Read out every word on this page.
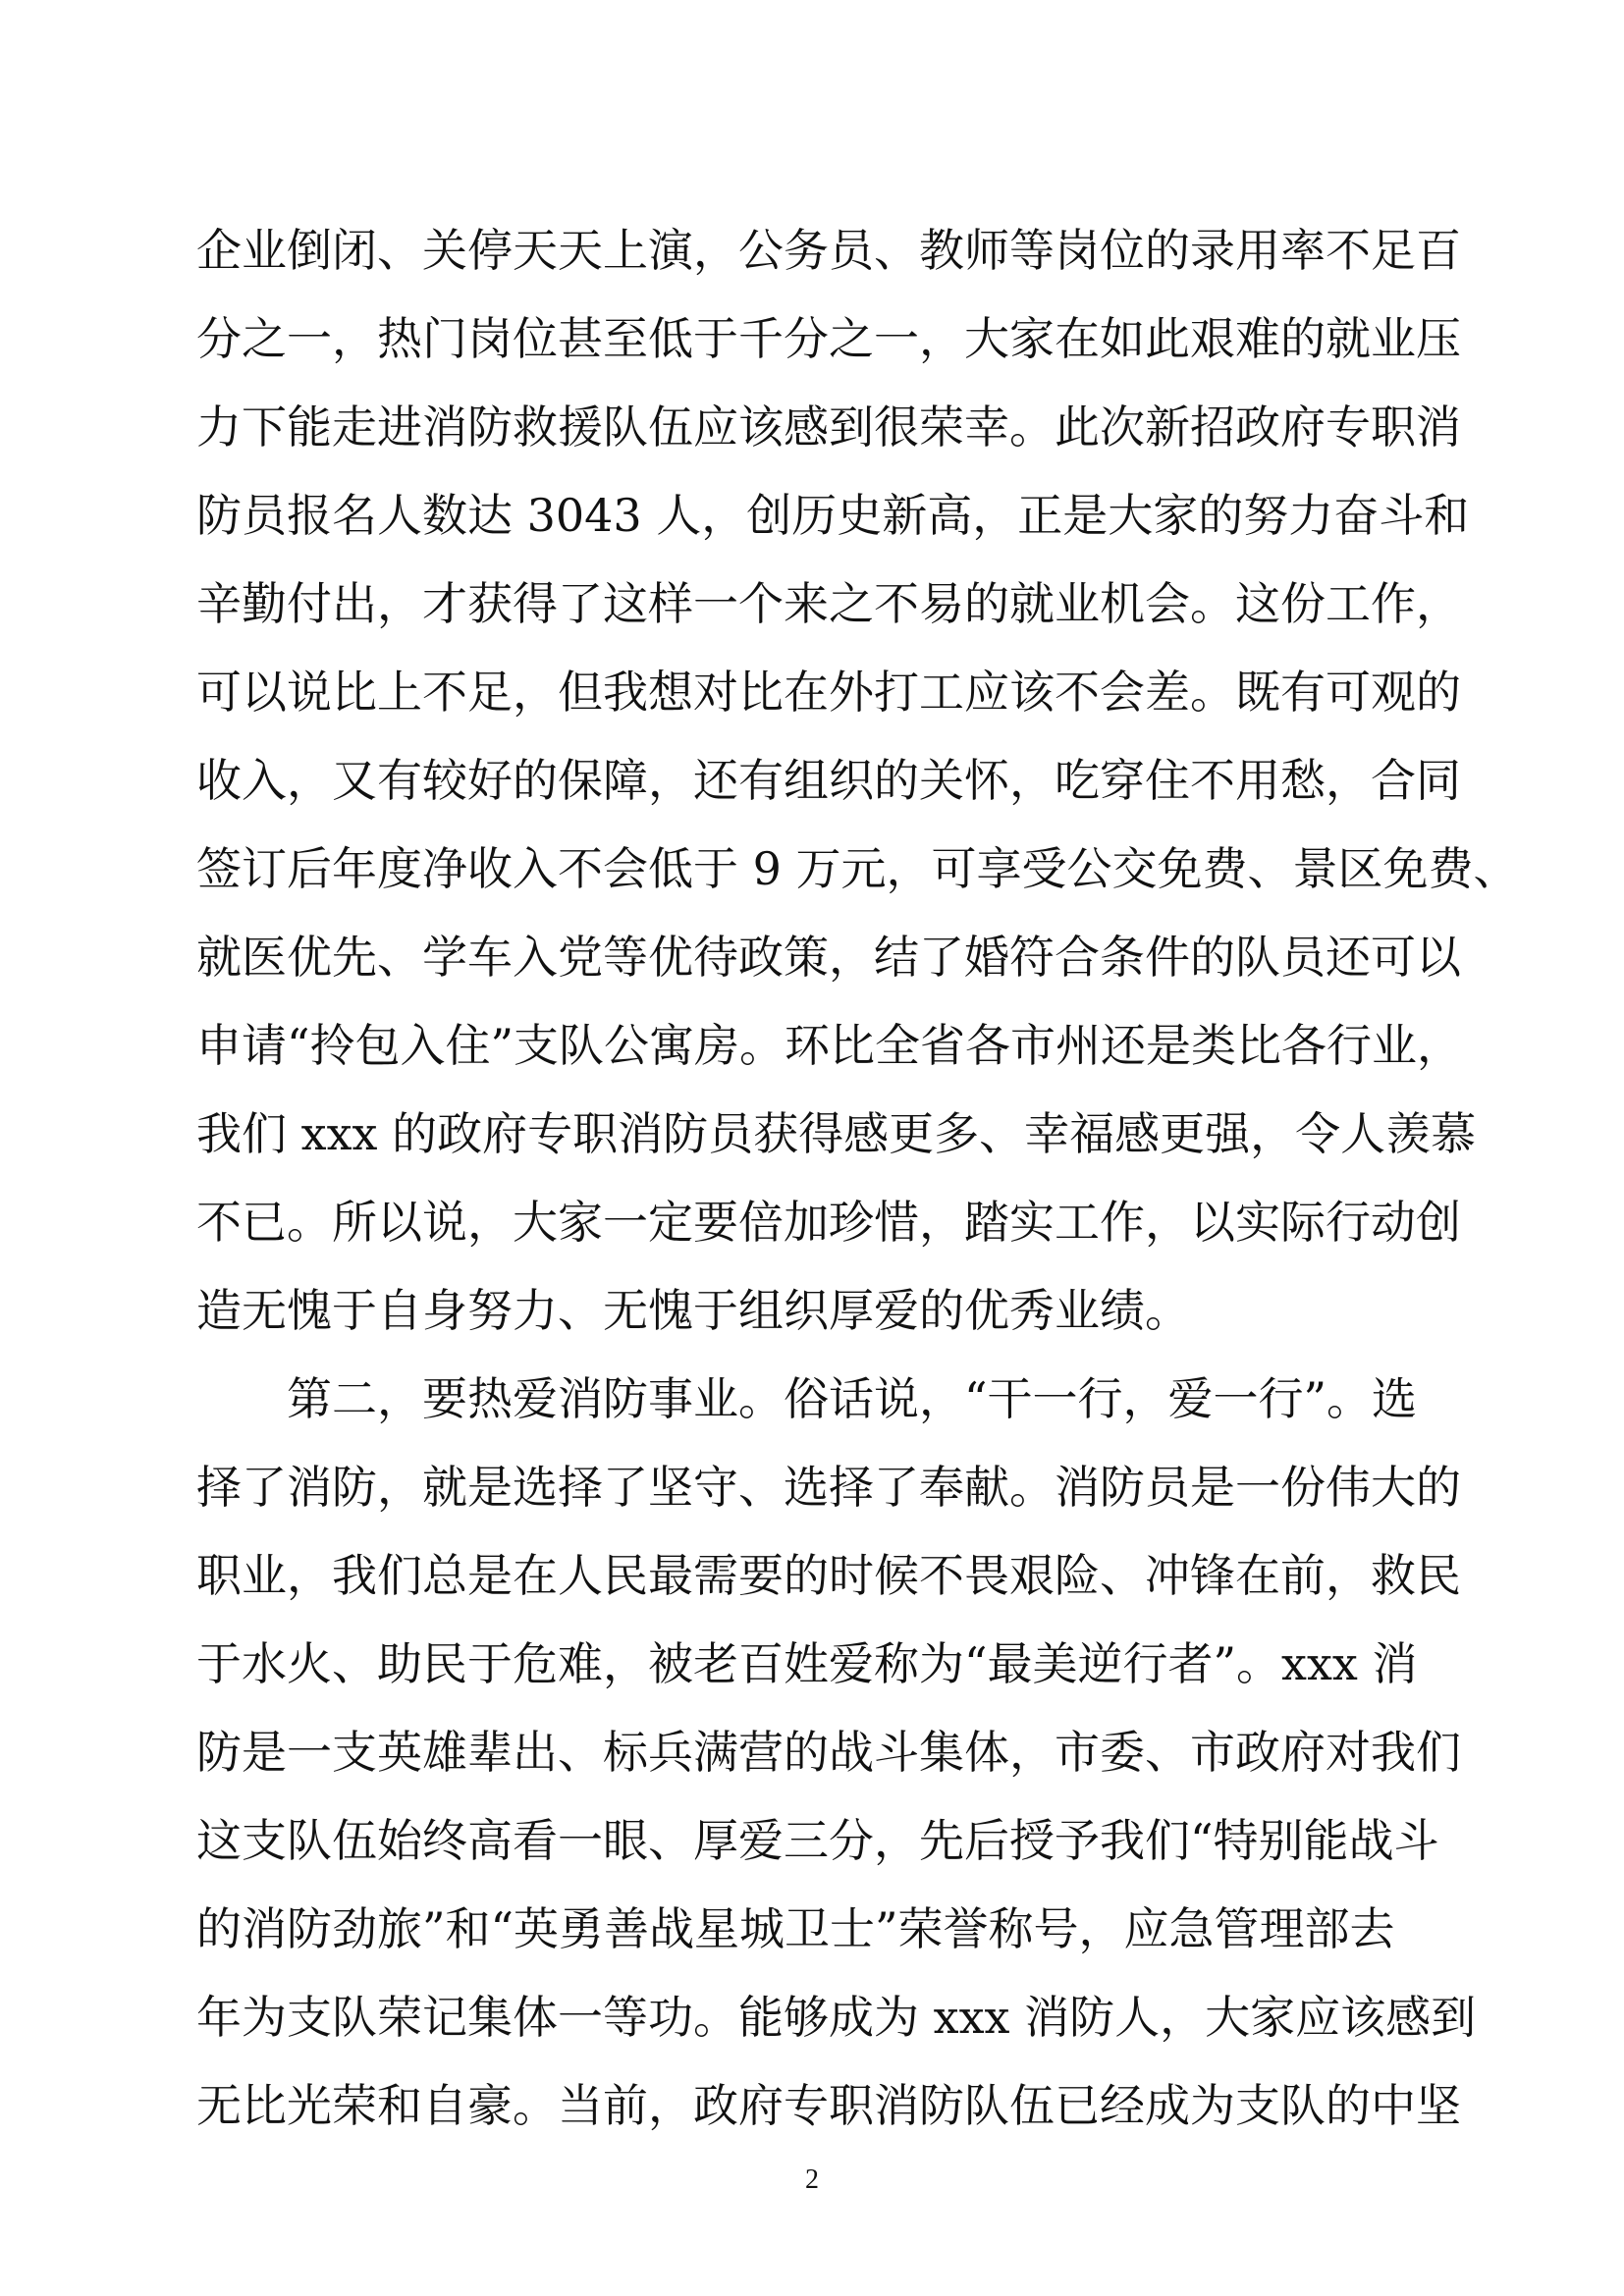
企业倒闭、关停天天上演，公务员、教师等岗位的录用率不足百
分之一，热门岗位甚至低于千分之一，大家在如此艰难的就业压
力下能走进消防救援队伍应该感到很荣幸。此次新招政府专职消
防员报名人数达 3043 人，创历史新高，正是大家的努力奋斗和
辛勤付出，才获得了这样一个来之不易的就业机会。这份工作，
可以说比上不足，但我想对比在外打工应该不会差。既有可观的
收入，又有较好的保障，还有组织的关怀，吃穿住不用愁，合同
签订后年度净收入不会低于 9 万元，可享受公交免费、景区免费、
就医优先、学车入党等优待政策，结了婚符合条件的队员还可以
申请“拎包入住”支队公寓房。环比全省各市州还是类比各行业，
我们 xxx 的政府专职消防员获得感更多、幸福感更强，令人羡慕
不已。所以说，大家一定要倍加珍惜，踏实工作，以实际行动创
造无愧于自身努力、无愧于组织厚爱的优秀业绩。
　　第二，要热爱消防事业。俗话说，“干一行，爱一行”。选
择了消防，就是选择了坚守、选择了奉献。消防员是一份伟大的
职业，我们总是在人民最需要的时候不畏艰险、冲锋在前，救民
于水火、助民于危难，被老百姓爱称为“最美逆行者”。xxx 消
防是一支英雄辈出、标兵满营的战斗集体，市委、市政府对我们
这支队伍始终高看一眼、厚爱三分，先后授予我们“特别能战斗
的消防劲旅”和“英勇善战星城卫士”荣誉称号，应急管理部去
年为支队荣记集体一等功。能够成为 xxx 消防人，大家应该感到
无比光荣和自豪。当前，政府专职消防队伍已经成为支队的中坚
2
